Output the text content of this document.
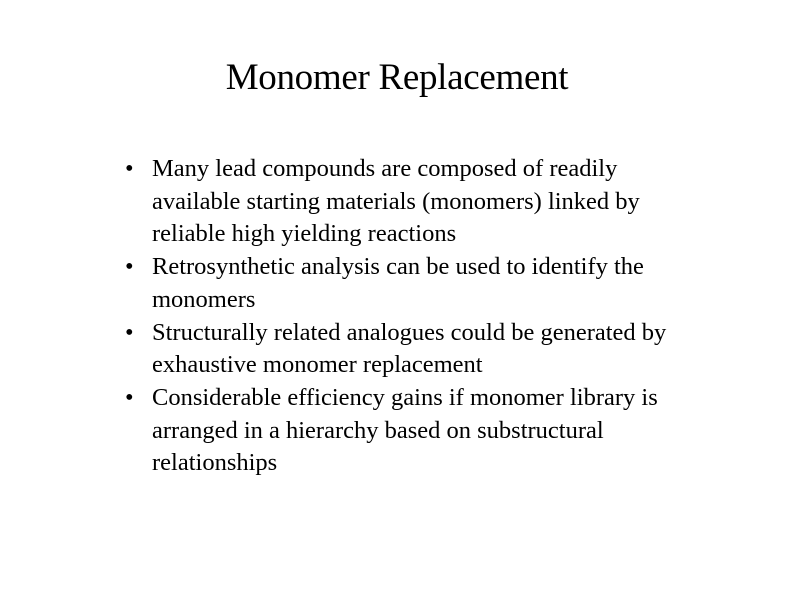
Monomer Replacement
• Many lead compounds are composed of readily available starting materials (monomers) linked by reliable high yielding reactions
• Retrosynthetic analysis can be used to identify the monomers
• Structurally related analogues could be generated by exhaustive monomer replacement
• Considerable efficiency gains if monomer library is arranged in a hierarchy based on substructural relationships
